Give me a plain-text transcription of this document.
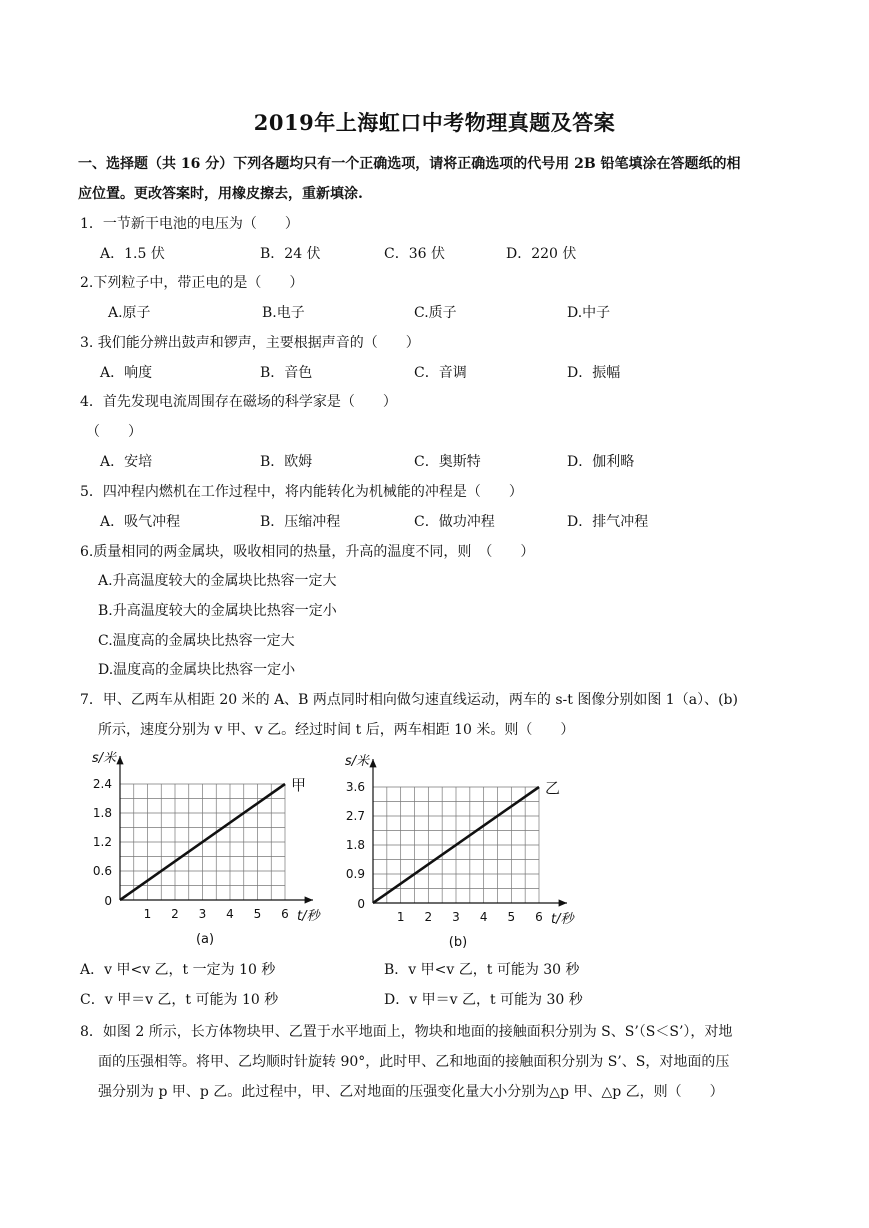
2019年上海虹口中考物理真题及答案
一、选择题（共 16 分）下列各题均只有一个正确选项，请将正确选项的代号用 2B 铅笔填涂在答题纸的相
应位置。更改答案时，用橡皮擦去，重新填涂.
1．一节新干电池的电压为（　　）
A．1.5 伏	B．24 伏	C．36 伏	D．220 伏
2.下列粒子中，带正电的是（　　）
A.原子	B.电子	C.质子	D.中子
3. 我们能分辨出鼓声和锣声，主要根据声音的（　　）
A．响度	B．音色	C．音调	D．振幅
4．首先发现电流周围存在磁场的科学家是（　　）
（　　）
A．安培	B．欧姆	C．奥斯特	D．伽利略
5．四冲程内燃机在工作过程中，将内能转化为机械能的冲程是（　　）
A．吸气冲程	B．压缩冲程	C．做功冲程	D．排气冲程
6.质量相同的两金属块，吸收相同的热量，升高的温度不同，则　（　　）
A.升高温度较大的金属块比热容一定大
B.升高温度较大的金属块比热容一定小
C.温度高的金属块比热容一定大
D.温度高的金属块比热容一定小
7．甲、乙两车从相距 20 米的 A、B 两点同时相向做匀速直线运动，两车的 s-t 图像分别如图 1（a）、(b)
所示，速度分别为 v 甲、v 乙。经过时间 t 后，两车相距 10 米。则（　　）
1 2 3 4 5 6
0
0.6
1.2
1.8
2.4
s/米
t/秒
甲
(a)
1 2 3 4 5 6
0
0.9
1.8
2.7
3.6
s/米
t/秒
乙
(b)
A．v 甲<v 乙，t 一定为 10 秒	B．v 甲<v 乙，t 可能为 30 秒
C．v 甲＝v 乙，t 可能为 10 秒	D．v 甲＝v 乙，t 可能为 30 秒
8．如图 2 所示，长方体物块甲、乙置于水平地面上，物块和地面的接触面积分别为 S、S’（S＜S’），对地
面的压强相等。将甲、乙均顺时针旋转 90°，此时甲、乙和地面的接触面积分别为 S’、S，对地面的压
强分别为 p 甲、p 乙。此过程中，甲、乙对地面的压强变化量大小分别为△p 甲、△p 乙，则（　　）
